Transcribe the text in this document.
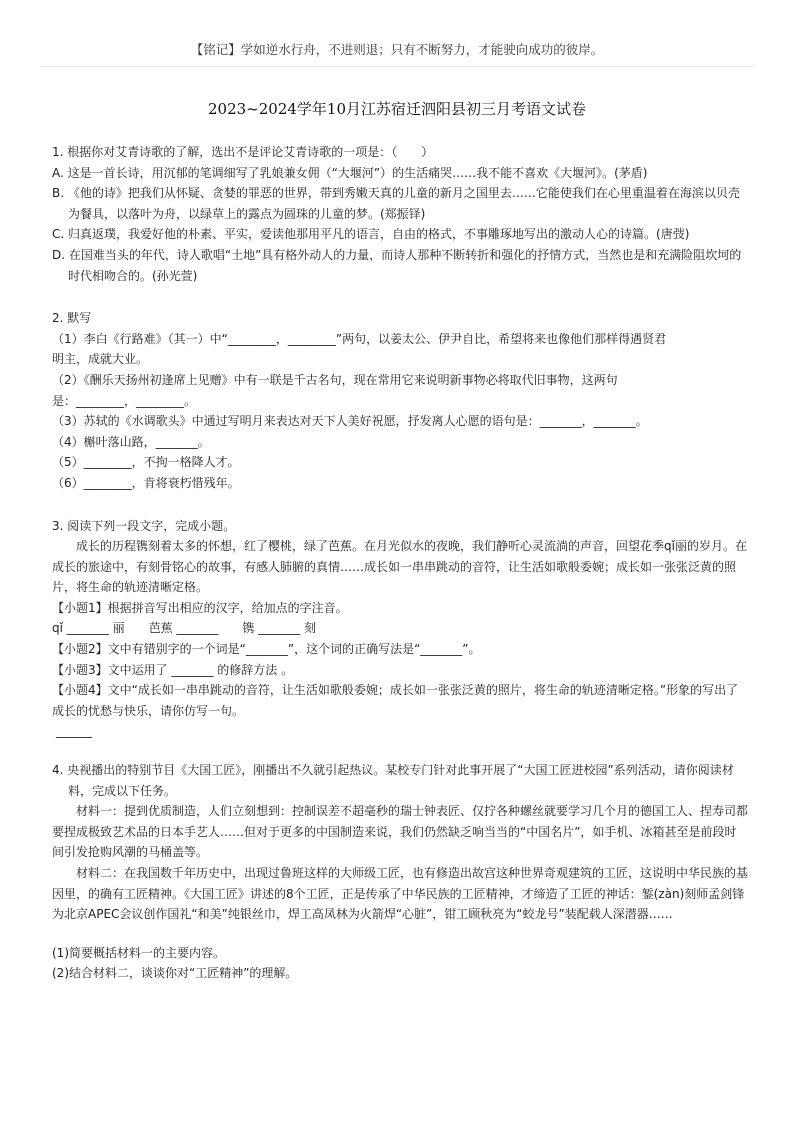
【铭记】学如逆水行舟，不进则退；只有不断努力，才能驶向成功的彼岸。
2023~2024学年10月江苏宿迁泗阳县初三月考语文试卷

1. 根据你对艾青诗歌的了解，选出不是评论艾青诗歌的一项是：（　　）

A. 这是一首长诗，用沉郁的笔调细写了乳娘兼女佣（“大堰河”）的生活痛哭……我不能不喜欢《大堰河》。(茅盾)

B. 《他的诗》把我们从怀疑、贪婪的罪恶的世界，带到秀嫩天真的儿童的新月之国里去……它能使我们在心里重温着在海滨以贝壳为餐具，以落叶为舟，以绿草上的露点为圆珠的儿童的梦。(郑振铎)

C. 归真返璞，我爱好他的朴素、平实，爱读他那用平凡的语言，自由的格式，不事雕琢地写出的激动人心的诗篇。(唐弢)

D. 在国难当头的年代，诗人歌唱“土地”具有格外动人的力量，而诗人那种不断转折和强化的抒情方式，当然也是和充满险阻坎坷的时代相吻合的。(孙光萱)

2. 默写

（1）李白《行路难》（其一）中“________，________”两句，以姜太公、伊尹自比，希望将来也像他们那样得遇贤君

明主，成就大业。

（2）《酬乐天扬州初逢席上见赠》中有一联是千古名句，现在常用它来说明新事物必将取代旧事物，这两句

是：________，________。

（3）苏轼的《水调歌头》中通过写明月来表达对天下人美好祝愿，抒发离人心愿的语句是：_______，_______。

（4）槲叶落山路，_______。

（5）________，不拘一格降人才。

（6）________，肯将衰朽惜残年。

3. 阅读下列一段文字，完成小题。

成长的历程镌刻着太多的怀想，红了樱桃，绿了芭蕉。在月光似水的夜晚，我们静听心灵流淌的声音，回望花季qǐ丽的岁月。在成长的旅途中，有刻骨铭心的故事，有感人肺腑的真情……成长如一串串跳动的音符，让生活如歌般委婉；成长如一张张泛黄的照片，将生命的轨迹清晰定格。

【小题1】根据拼音写出相应的汉字，给加点的字注音。

qǐ _______ 丽　　芭蕉 _______　　镌 _______ 刻

【小题2】文中有错别字的一个词是“_______”，这个词的正确写法是“_______”。

【小题3】文中运用了 _______ 的修辞方法 。

【小题4】文中“成长如一串串跳动的音符，让生活如歌般委婉；成长如一张张泛黄的照片，将生命的轨迹清晰定格。”形象的写出了成长的忧愁与快乐，请你仿写一句。

______

4. 央视播出的特别节目《大国工匠》，刚播出不久就引起热议。某校专门针对此事开展了“大国工匠进校园”系列活动，请你阅读材料，完成以下任务。

材料一：提到优质制造，人们立刻想到：控制误差不超毫秒的瑞士钟表匠、仅拧各种螺丝就要学习几个月的德国工人、捏寿司都要捏成极致艺术品的日本手艺人……但对于更多的中国制造来说，我们仍然缺乏响当当的“中国名片”，如手机、冰箱甚至是前段时间引发抢购风潮的马桶盖等。

材料二：在我国数千年历史中，出现过鲁班这样的大师级工匠，也有修造出故宫这种世界奇观建筑的工匠，这说明中华民族的基因里，的确有工匠精神。《大国工匠》讲述的8个工匠，正是传承了中华民族的工匠精神，才缔造了工匠的神话：錾(zàn)刻师孟剑锋为北京APEC会议创作国礼“和美”纯银丝巾，焊工高凤林为火箭焊“心脏”，钳工顾秋亮为“蛟龙号”装配载人深潜器……

(1)简要概括材料一的主要内容。

(2)结合材料二，谈谈你对“工匠精神”的理解。
